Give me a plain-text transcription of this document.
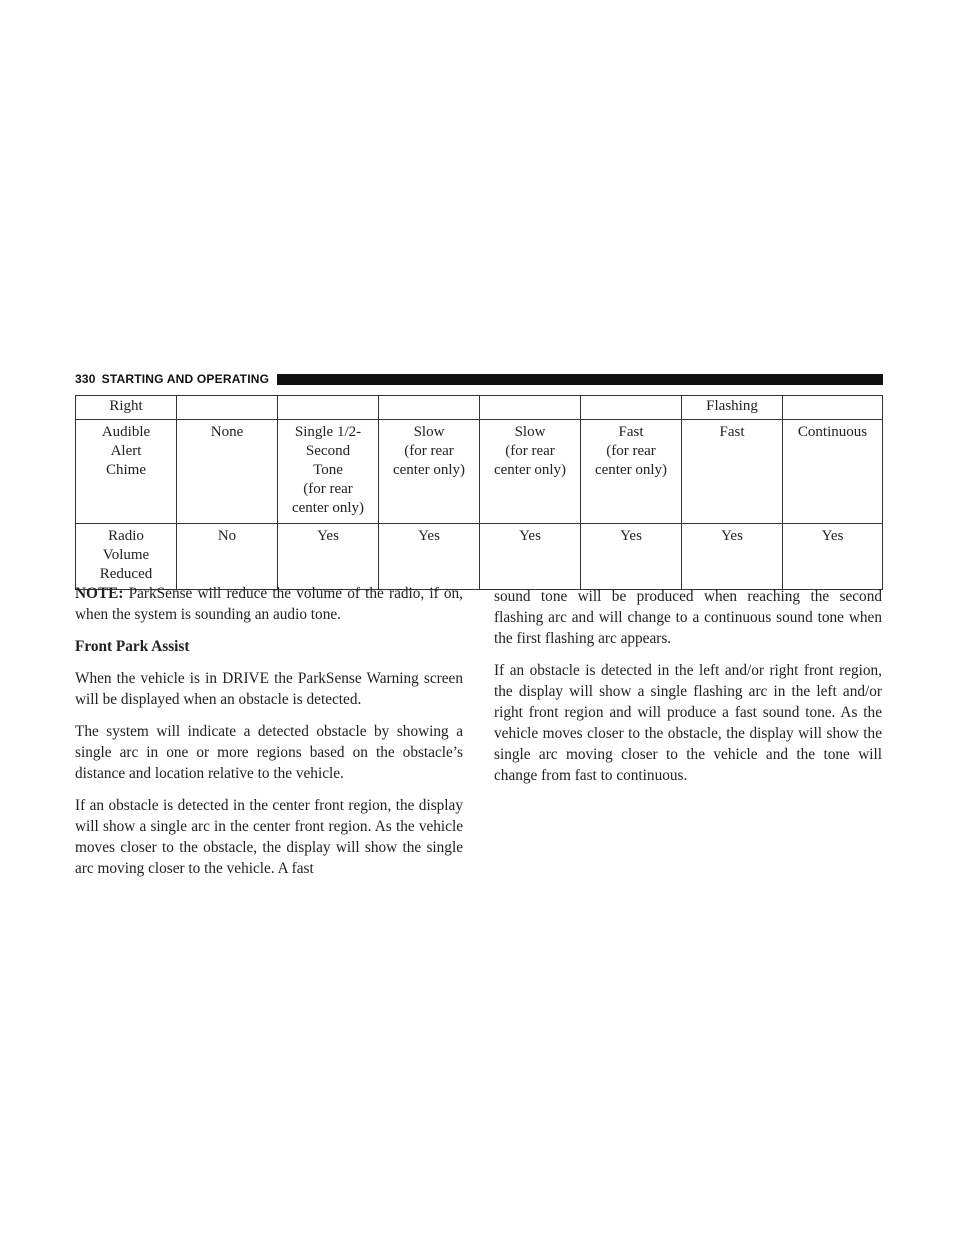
330 STARTING AND OPERATING
Right						Flashing	

Audible
Alert
Chime	None	Single 1/2-
Second
Tone
(for rear
center only)	Slow
(for rear
center only)	Slow
(for rear
center only)	Fast
(for rear
center only)	Fast	Continuous

Radio
Volume
Reduced	No	Yes	Yes	Yes	Yes	Yes	Yes

NOTE: ParkSense will reduce the volume of the radio, if on, when the system is sounding an audio tone.

Front Park Assist

When the vehicle is in DRIVE the ParkSense Warning screen will be displayed when an obstacle is detected.

The system will indicate a detected obstacle by showing a single arc in one or more regions based on the obstacle’s distance and location relative to the vehicle.

If an obstacle is detected in the center front region, the display will show a single arc in the center front region. As the vehicle moves closer to the obstacle, the display will show the single arc moving closer to the vehicle. A fast

sound tone will be produced when reaching the second flashing arc and will change to a continuous sound tone when the first flashing arc appears.

If an obstacle is detected in the left and/or right front region, the display will show a single flashing arc in the left and/or right front region and will produce a fast sound tone. As the vehicle moves closer to the obstacle, the display will show the single arc moving closer to the vehicle and the tone will change from fast to continuous.
